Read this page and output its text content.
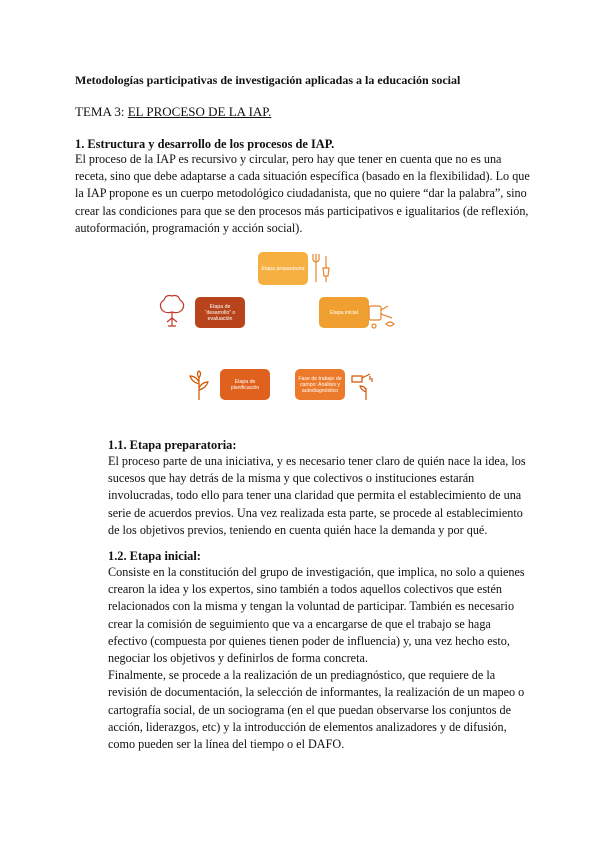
Metodologías participativas de investigación aplicadas a la educación social
TEMA 3: EL PROCESO DE LA IAP.
1. Estructura y desarrollo de los procesos de IAP.
El proceso de la IAP es recursivo y circular, pero hay que tener en cuenta que no es una
receta, sino que debe adaptarse a cada situación específica (basado en la flexibilidad). Lo que
la IAP propone es un cuerpo metodológico ciudadanista, que no quiere “dar la palabra”, sino
crear las condiciones para que se den procesos más participativos e igualitarios (de reflexión,
autoformación, programación y acción social).
Etapa preparatoria
Etapa inicial
Etapa de “desarrollo” o evaluación
Etapa de planificación
Fase de trabajo de campo: Análisis y autodiagnóstico
1.1. Etapa preparatoria:
El proceso parte de una iniciativa, y es necesario tener claro de quién nace la idea, los
sucesos que hay detrás de la misma y que colectivos o instituciones estarán
involucradas, todo ello para tener una claridad que permita el establecimiento de una
serie de acuerdos previos. Una vez realizada esta parte, se procede al establecimiento
de los objetivos previos, teniendo en cuenta quién hace la demanda y por qué.
1.2. Etapa inicial:
Consiste en la constitución del grupo de investigación, que implica, no solo a quienes
crearon la idea y los expertos, sino también a todos aquellos colectivos que estén
relacionados con la misma y tengan la voluntad de participar. También es necesario
crear la comisión de seguimiento que va a encargarse de que el trabajo se haga
efectivo (compuesta por quienes tienen poder de influencia) y, una vez hecho esto,
negociar los objetivos y definirlos de forma concreta.
Finalmente, se procede a la realización de un prediagnóstico, que requiere de la
revisión de documentación, la selección de informantes, la realización de un mapeo o
cartografía social, de un sociograma (en el que puedan observarse los conjuntos de
acción, liderazgos, etc) y la introducción de elementos analizadores y de difusión,
como pueden ser la línea del tiempo o el DAFO.
